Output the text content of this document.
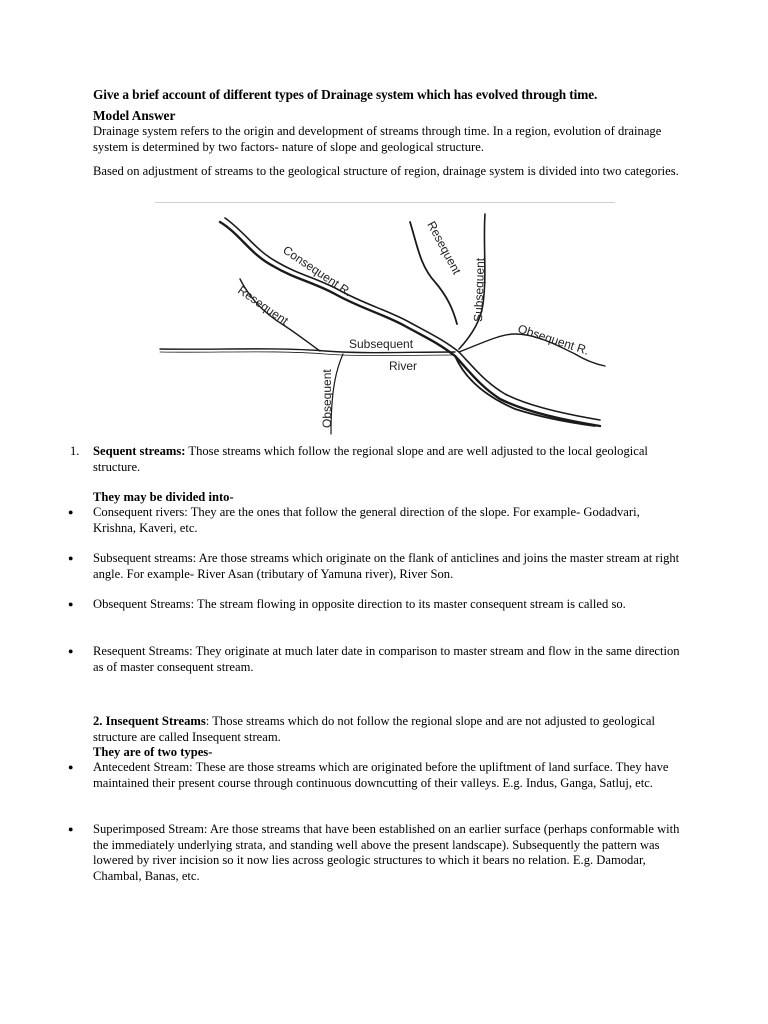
Give a brief account of different types of Drainage system which has evolved through time.
Model Answer
Drainage system refers to the origin and development of streams through time. In a region, evolution of drainage system is determined by two factors- nature of slope and geological structure.
Based on adjustment of streams to the geological structure of region, drainage system is divided into two categories.
Consequent R.	Resequent
Subsequent
Resequent
Subsequent
River
Obsequent R.
Obsequent
1. Sequent streams: Those streams which follow the regional slope and are well adjusted to the local geological structure.
They may be divided into-
● Consequent rivers: They are the ones that follow the general direction of the slope. For example- Godadvari, Krishna, Kaveri, etc.
● Subsequent streams: Are those streams which originate on the flank of anticlines and joins the master stream at right angle. For example- River Asan (tributary of Yamuna river), River Son.
● Obsequent Streams: The stream flowing in opposite direction to its master consequent stream is called so.
● Resequent Streams: They originate at much later date in comparison to master stream and flow in the same direction as of master consequent stream.
2. Insequent Streams: Those streams which do not follow the regional slope and are not adjusted to geological structure are called Insequent stream.
They are of two types-
● Antecedent Stream: These are those streams which are originated before the upliftment of land surface. They have maintained their present course through continuous downcutting of their valleys. E.g. Indus, Ganga, Satluj, etc.
● Superimposed Stream: Are those streams that have been established on an earlier surface (perhaps conformable with the immediately underlying strata, and standing well above the present landscape). Subsequently the pattern was lowered by river incision so it now lies across geologic structures to which it bears no relation. E.g. Damodar, Chambal, Banas, etc.
